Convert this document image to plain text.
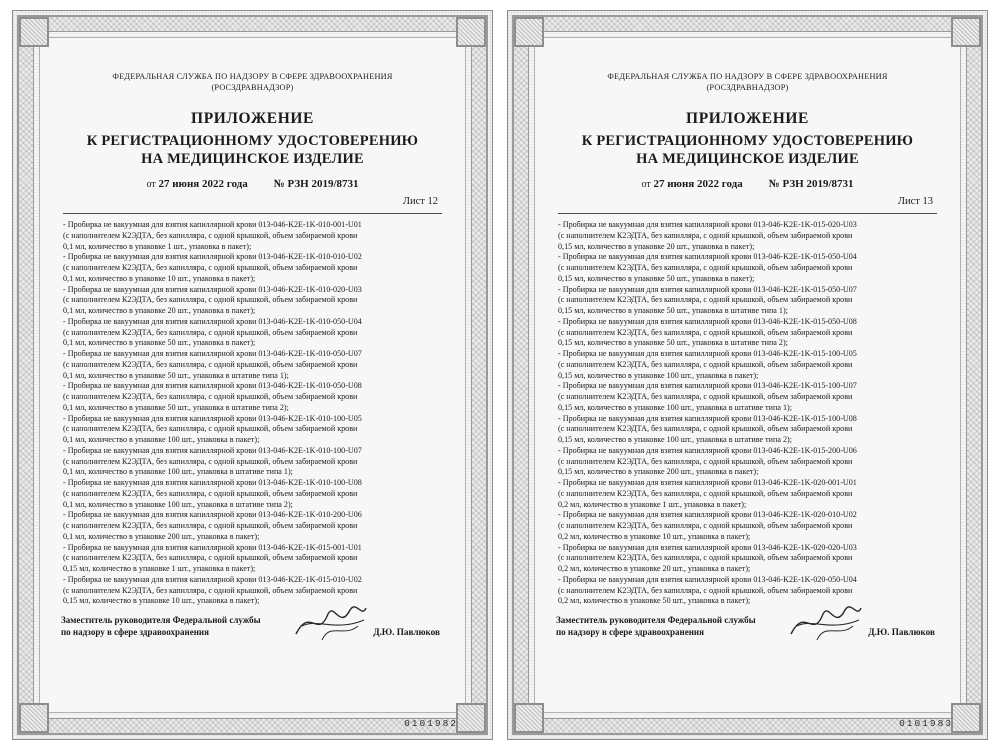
ФЕДЕРАЛЬНАЯ СЛУЖБА ПО НАДЗОРУ В СФЕРЕ ЗДРАВООХРАНЕНИЯ
(РОСЗДРАВНАДЗОР)
ПРИЛОЖЕНИЕ
К РЕГИСТРАЦИОННОМУ УДОСТОВЕРЕНИЮ
НА МЕДИЦИНСКОЕ ИЗДЕЛИЕ
от 27 июня 2022 года № РЗН 2019/8731
Лист 12
- Пробирка не вакуумная для взятия капиллярной крови 013-046-K2E-1K-010-001-U01
(с наполнителем К2ЭДТА, без капилляра, с одной крышкой, объем забираемой крови
0,1 мл, количество в упаковке 1 шт., упаковка в пакет);
- Пробирка не вакуумная для взятия капиллярной крови 013-046-K2E-1K-010-010-U02
(с наполнителем К2ЭДТА, без капилляра, с одной крышкой, объем забираемой крови
0,1 мл, количество в упаковке 10 шт., упаковка в пакет);
- Пробирка не вакуумная для взятия капиллярной крови 013-046-K2E-1K-010-020-U03
(с наполнителем К2ЭДТА, без капилляра, с одной крышкой, объем забираемой крови
0,1 мл, количество в упаковке 20 шт., упаковка в пакет);
- Пробирка не вакуумная для взятия капиллярной крови 013-046-K2E-1K-010-050-U04
(с наполнителем К2ЭДТА, без капилляра, с одной крышкой, объем забираемой крови
0,1 мл, количество в упаковке 50 шт., упаковка в пакет);
- Пробирка не вакуумная для взятия капиллярной крови 013-046-K2E-1K-010-050-U07
(с наполнителем К2ЭДТА, без капилляра, с одной крышкой, объем забираемой крови
0,1 мл, количество в упаковке 50 шт., упаковка в штативе типа 1);
- Пробирка не вакуумная для взятия капиллярной крови 013-046-K2E-1K-010-050-U08
(с наполнителем К2ЭДТА, без капилляра, с одной крышкой, объем забираемой крови
0,1 мл, количество в упаковке 50 шт., упаковка в штативе типа 2);
- Пробирка не вакуумная для взятия капиллярной крови 013-046-K2E-1K-010-100-U05
(с наполнителем К2ЭДТА, без капилляра, с одной крышкой, объем забираемой крови
0,1 мл, количество в упаковке 100 шт., упаковка в пакет);
- Пробирка не вакуумная для взятия капиллярной крови 013-046-K2E-1K-010-100-U07
(с наполнителем К2ЭДТА, без капилляра, с одной крышкой, объем забираемой крови
0,1 мл, количество в упаковке 100 шт., упаковка в штативе типа 1);
- Пробирка не вакуумная для взятия капиллярной крови 013-046-K2E-1K-010-100-U08
(с наполнителем К2ЭДТА, без капилляра, с одной крышкой, объем забираемой крови
0,1 мл, количество в упаковке 100 шт., упаковка в штативе типа 2);
- Пробирка не вакуумная для взятия капиллярной крови 013-046-K2E-1K-010-200-U06
(с наполнителем К2ЭДТА, без капилляра, с одной крышкой, объем забираемой крови
0,1 мл, количество в упаковке 200 шт., упаковка в пакет);
- Пробирка не вакуумная для взятия капиллярной крови 013-046-K2E-1K-015-001-U01
(с наполнителем К2ЭДТА, без капилляра, с одной крышкой, объем забираемой крови
0,15 мл, количество в упаковке 1 шт., упаковка в пакет);
- Пробирка не вакуумная для взятия капиллярной крови 013-046-K2E-1K-015-010-U02
(с наполнителем К2ЭДТА, без капилляра, с одной крышкой, объем забираемой крови
0,15 мл, количество в упаковке 10 шт., упаковка в пакет);
Заместитель руководителя Федеральной службы
по надзору в сфере здравоохранения	Д.Ю. Павлюков
0101982
ФЕДЕРАЛЬНАЯ СЛУЖБА ПО НАДЗОРУ В СФЕРЕ ЗДРАВООХРАНЕНИЯ
(РОСЗДРАВНАДЗОР)
ПРИЛОЖЕНИЕ
К РЕГИСТРАЦИОННОМУ УДОСТОВЕРЕНИЮ
НА МЕДИЦИНСКОЕ ИЗДЕЛИЕ
от 27 июня 2022 года № РЗН 2019/8731
Лист 13
- Пробирка не вакуумная для взятия капиллярной крови 013-046-K2E-1K-015-020-U03
(с наполнителем К2ЭДТА, без капилляра, с одной крышкой, объем забираемой крови
0,15 мл, количество в упаковке 20 шт., упаковка в пакет);
- Пробирка не вакуумная для взятия капиллярной крови 013-046-K2E-1K-015-050-U04
(с наполнителем К2ЭДТА, без капилляра, с одной крышкой, объем забираемой крови
0,15 мл, количество в упаковке 50 шт., упаковка в пакет);
- Пробирка не вакуумная для взятия капиллярной крови 013-046-K2E-1K-015-050-U07
(с наполнителем К2ЭДТА, без капилляра, с одной крышкой, объем забираемой крови
0,15 мл, количество в упаковке 50 шт., упаковка в штативе типа 1);
- Пробирка не вакуумная для взятия капиллярной крови 013-046-K2E-1K-015-050-U08
(с наполнителем К2ЭДТА, без капилляра, с одной крышкой, объем забираемой крови
0,15 мл, количество в упаковке 50 шт., упаковка в штативе типа 2);
- Пробирка не вакуумная для взятия капиллярной крови 013-046-K2E-1K-015-100-U05
(с наполнителем К2ЭДТА, без капилляра, с одной крышкой, объем забираемой крови
0,15 мл, количество в упаковке 100 шт., упаковка в пакет);
- Пробирка не вакуумная для взятия капиллярной крови 013-046-K2E-1K-015-100-U07
(с наполнителем К2ЭДТА, без капилляра, с одной крышкой, объем забираемой крови
0,15 мл, количество в упаковке 100 шт., упаковка в штативе типа 1);
- Пробирка не вакуумная для взятия капиллярной крови 013-046-K2E-1K-015-100-U08
(с наполнителем К2ЭДТА, без капилляра, с одной крышкой, объем забираемой крови
0,15 мл, количество в упаковке 100 шт., упаковка в штативе типа 2);
- Пробирка не вакуумная для взятия капиллярной крови 013-046-K2E-1K-015-200-U06
(с наполнителем К2ЭДТА, без капилляра, с одной крышкой, объем забираемой крови
0,15 мл, количество в упаковке 200 шт., упаковка в пакет);
- Пробирка не вакуумная для взятия капиллярной крови 013-046-K2E-1K-020-001-U01
(с наполнителем К2ЭДТА, без капилляра, с одной крышкой, объем забираемой крови
0,2 мл, количество в упаковке 1 шт., упаковка в пакет);
- Пробирка не вакуумная для взятия капиллярной крови 013-046-K2E-1K-020-010-U02
(с наполнителем К2ЭДТА, без капилляра, с одной крышкой, объем забираемой крови
0,2 мл, количество в упаковке 10 шт., упаковка в пакет);
- Пробирка не вакуумная для взятия капиллярной крови 013-046-K2E-1K-020-020-U03
(с наполнителем К2ЭДТА, без капилляра, с одной крышкой, объем забираемой крови
0,2 мл, количество в упаковке 20 шт., упаковка в пакет);
- Пробирка не вакуумная для взятия капиллярной крови 013-046-K2E-1K-020-050-U04
(с наполнителем К2ЭДТА, без капилляра, с одной крышкой, объем забираемой крови
0,2 мл, количество в упаковке 50 шт., упаковка в пакет);
Заместитель руководителя Федеральной службы
по надзору в сфере здравоохранения	Д.Ю. Павлюков
0101983
